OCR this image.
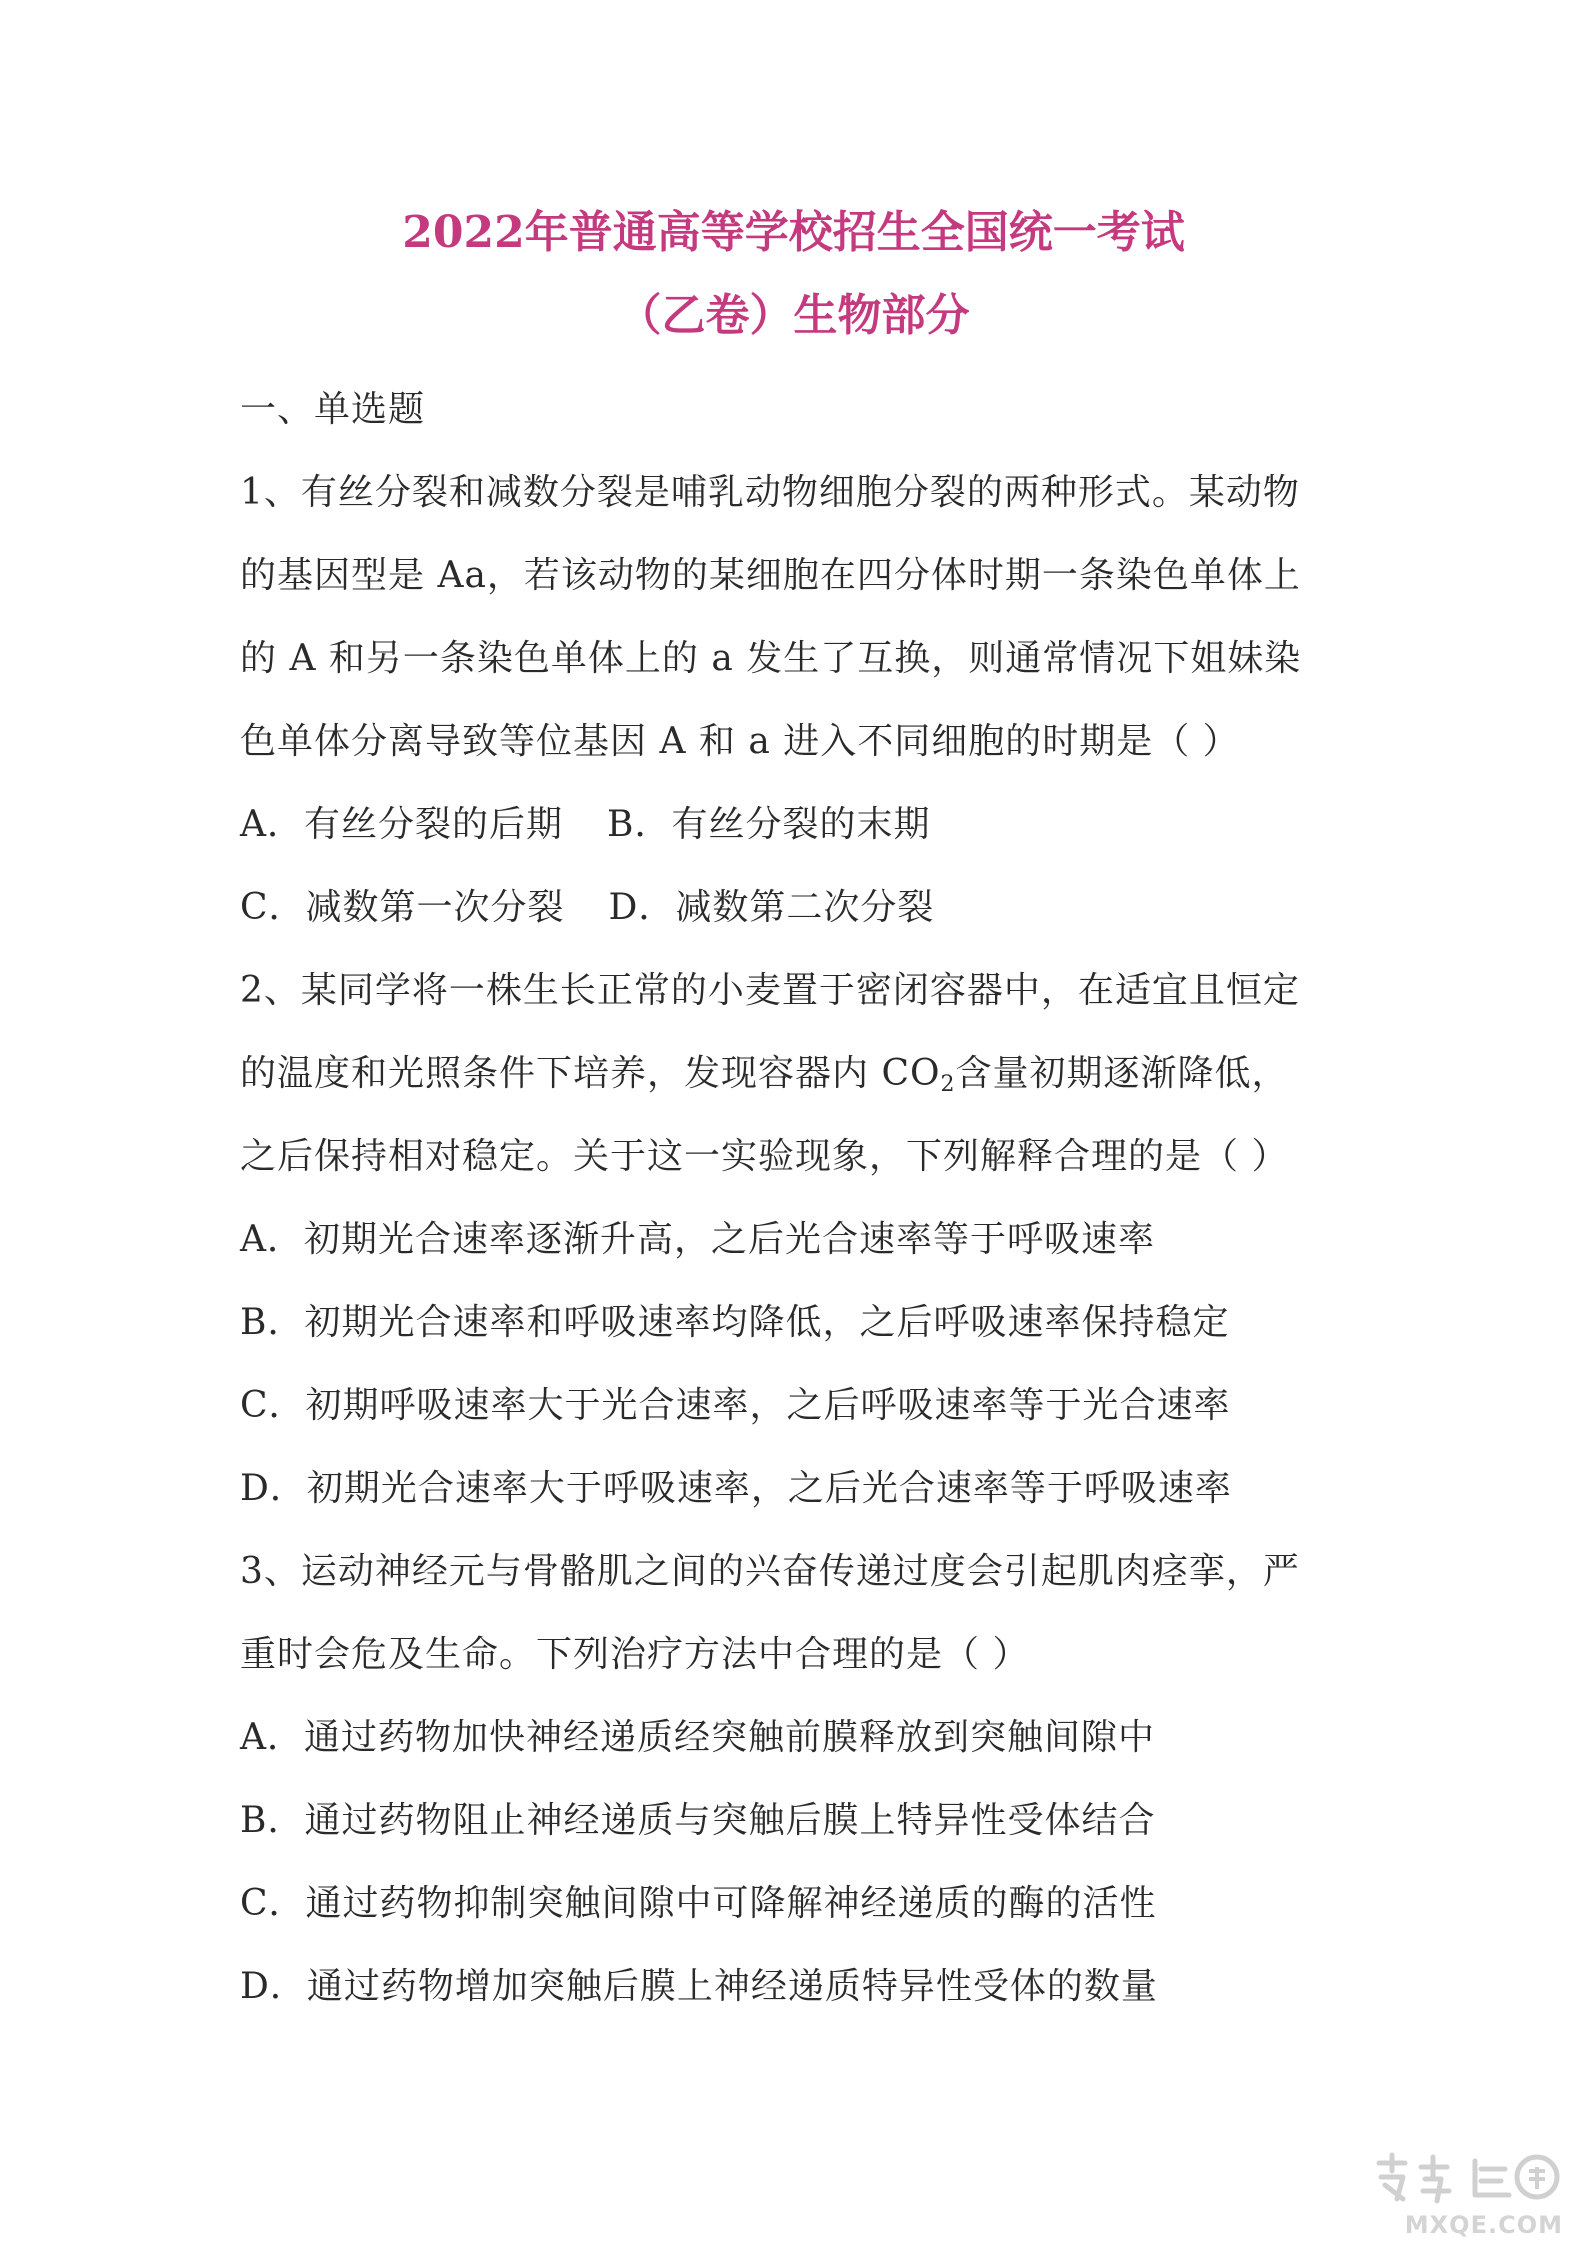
2022年普通高等学校招生全国统一考试
（乙卷）生物部分
一、单选题
1、有丝分裂和减数分裂是哺乳动物细胞分裂的两种形式。某动物
的基因型是 Aa，若该动物的某细胞在四分体时期一条染色单体上
的 A 和另一条染色单体上的 a 发生了互换，则通常情况下姐妹染
色单体分离导致等位基因 A 和 a 进入不同细胞的时期是（ ）
A．有丝分裂的后期 B．有丝分裂的末期
C．减数第一次分裂 D．减数第二次分裂
2、某同学将一株生长正常的小麦置于密闭容器中，在适宜且恒定
的温度和光照条件下培养，发现容器内 $CO_2$含量初期逐渐降低，
之后保持相对稳定。关于这一实验现象，下列解释合理的是（ ）
A．初期光合速率逐渐升高，之后光合速率等于呼吸速率
B．初期光合速率和呼吸速率均降低，之后呼吸速率保持稳定
C．初期呼吸速率大于光合速率，之后呼吸速率等于光合速率
D．初期光合速率大于呼吸速率，之后光合速率等于呼吸速率
3、运动神经元与骨骼肌之间的兴奋传递过度会引起肌肉痉挛，严
重时会危及生命。下列治疗方法中合理的是（ ）
A．通过药物加快神经递质经突触前膜释放到突触间隙中
B．通过药物阻止神经递质与突触后膜上特异性受体结合
C．通过药物抑制突触间隙中可降解神经递质的酶的活性
D．通过药物增加突触后膜上神经递质特异性受体的数量
MXQE.COM
